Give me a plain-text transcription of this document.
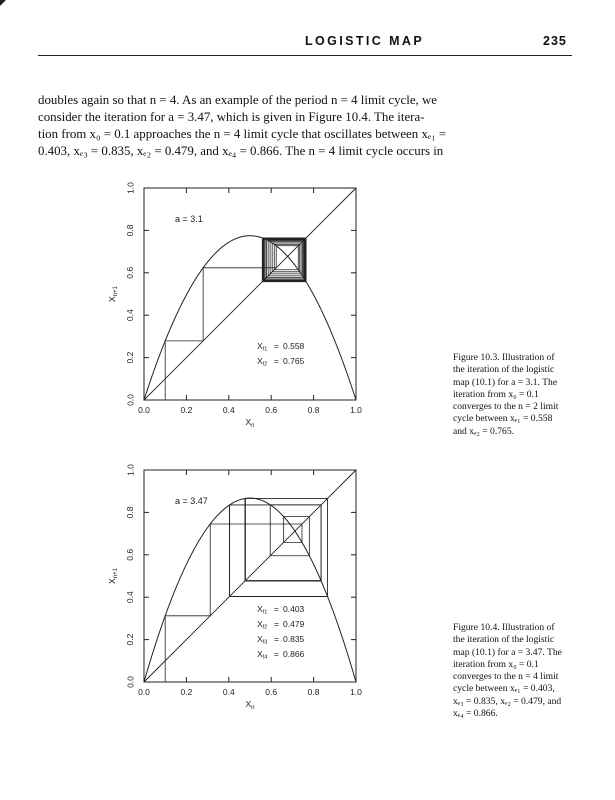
LOGISTIC MAP	235

doubles again so that n = 4. As an example of the period n = 4 limit cycle, we

consider the iteration for a = 3.47, which is given in Figure 10.4. The itera-

tion from x₀ = 0.1 approaches the n = 4 limit cycle that oscillates between xₑ₁ =

0.403, xₑ₃ = 0.835, xₑ₂ = 0.479, and xₑ₄ = 0.866. The n = 4 limit cycle occurs in

0.0	0.2	0.4	0.6	0.8	1.0
0.0
0.2
0.4
0.6
0.8
1.0
$X_n$
$X_{n+1}$
a = 3.1
Xf1 = 0.558
Xf2 = 0.765	Figure 10.3. Illustration of
the iteration of the logistic
map (10.1) for a = 3.1. The
iteration from x₀ = 0.1
converges to the n = 2 limit
cycle between xₑ₁ = 0.558
and xₑ₂ = 0.765.
0.0	0.2	0.4	0.6	0.8	1.0
0.0
0.2
0.4
0.6
0.8
1.0
$X_n$
$X_{n+1}$
a = 3.47
Xf1 = 0.403
Xf2 = 0.479
Xf3 = 0.835
Xf4 = 0.866
Figure 10.4. Illustration of
the iteration of the logistic
map (10.1) for a = 3.47. The
iteration from x₀ = 0.1
converges to the n = 4 limit
cycle between xₑ₁ = 0.403,
xₑ₃ = 0.835, xₑ₂ = 0.479, and
xₑ₄ = 0.866.
